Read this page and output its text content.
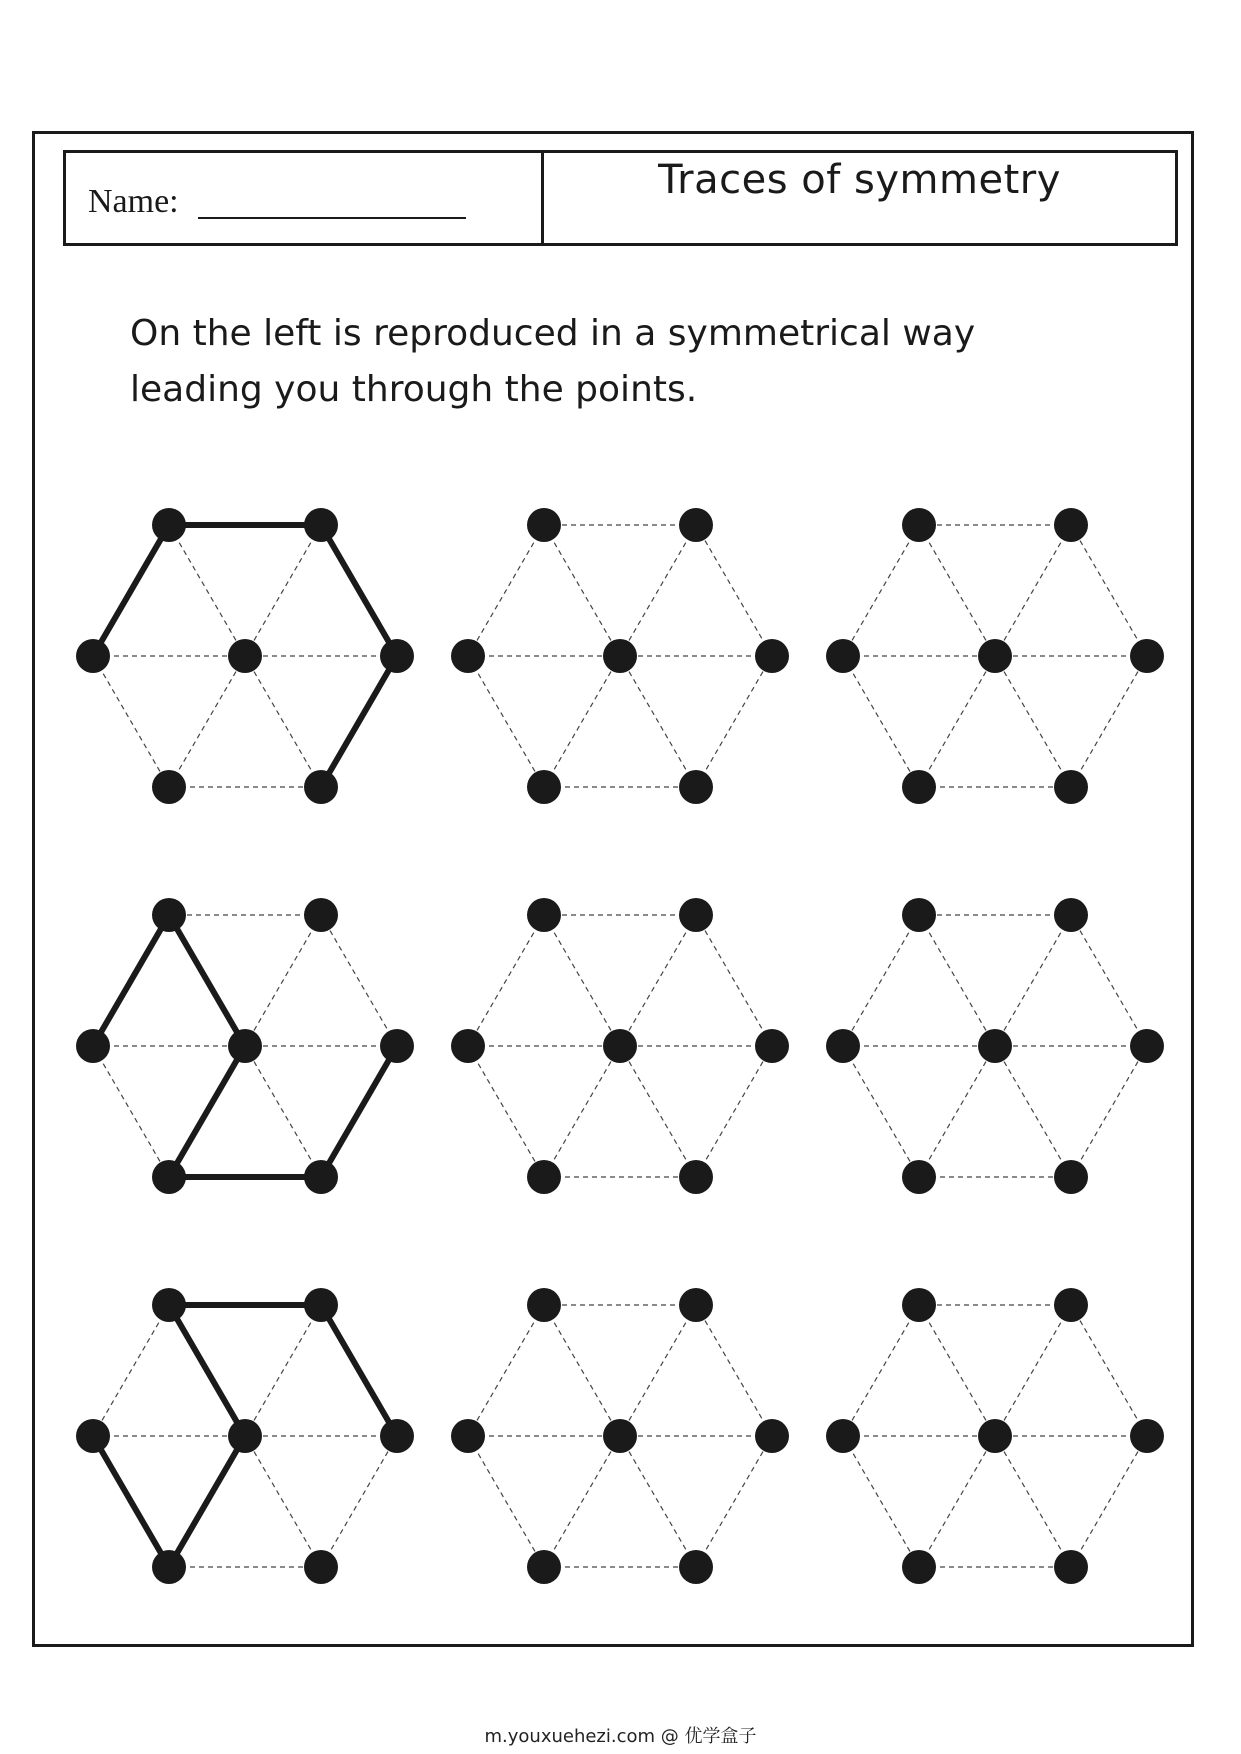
Name:	Traces of symmetry
On the left is reproduced in a symmetrical way
leading you through the points.
m.youxuehezi.com @ 优学盒子
